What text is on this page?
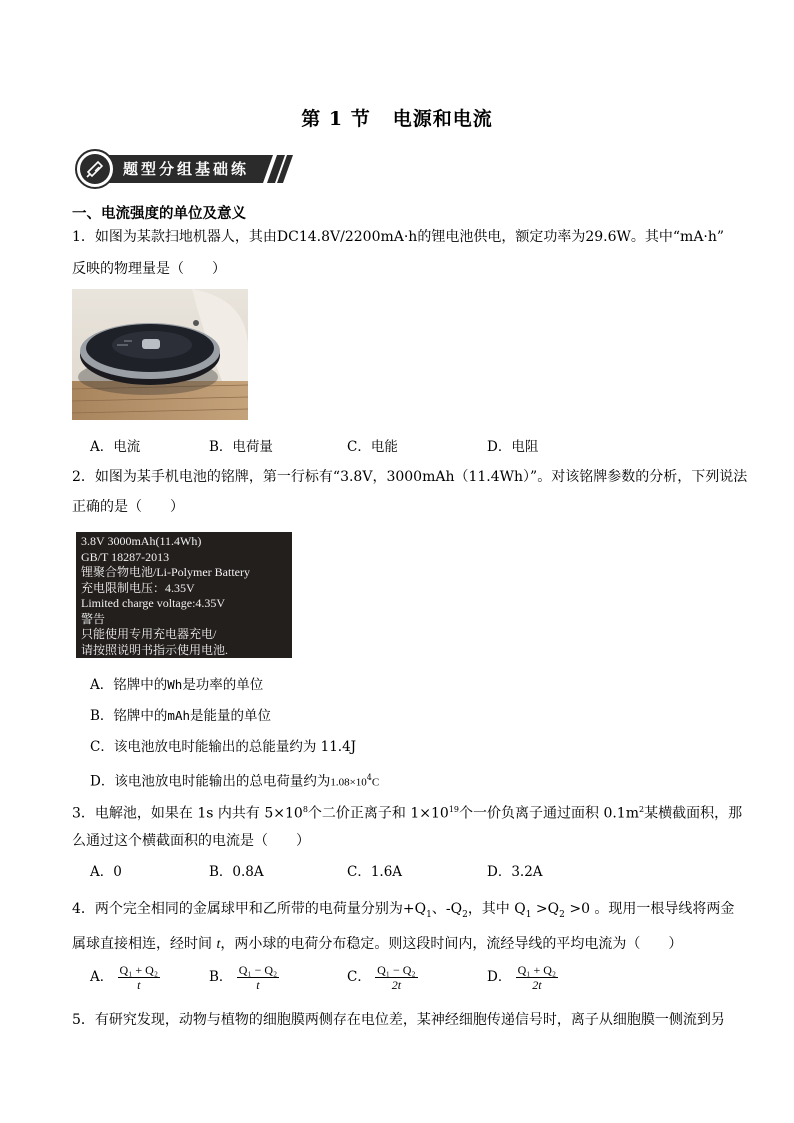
第 1 节 电源和电流
题型分组基础练
一、电流强度的单位及意义
1．如图为某款扫地机器人，其由DC14.8V/2200mA·h的锂电池供电，额定功率为29.6W。其中“mA·h”
反映的物理量是（　　）
A．电流	B．电荷量	C．电能	D．电阻
2．如图为某手机电池的铭牌，第一行标有“3.8V，3000mAh（11.4Wh）”。对该铭牌参数的分析，下列说法
正确的是（　　）
3.8V 3000mAh(11.4Wh)
GB/T 18287-2013
锂聚合物电池/Li-Polymer Battery
充电限制电压：4.35V
Limited charge voltage:4.35V
警告
只能使用专用充电器充电/
请按照说明书指示使用电池.
A．铭牌中的Wh是功率的单位
B．铭牌中的mAh是能量的单位
C．该电池放电时能输出的总能量约为 11.4J
D．该电池放电时能输出的总电荷量约为$1.08\times 10^4C$
3．电解池，如果在 1s 内共有 $5\times 10^8$个二价正离子和 $1\times 10^{19}$个一价负离子通过面积 $0.1m^2$某横截面积，那
么通过这个横截面积的电流是（　　）
A．0	B．0.8A	C．1.6A	D．3.2A
4．两个完全相同的金属球甲和乙所带的电荷量分别为$+Q_1$、$-Q_2$，其中 $Q_1 >Q_2 >0$ 。现用一根导线将两金
属球直接相连，经时间 t，两小球的电荷分布稳定。则这段时间内，流经导线的平均电流为（　　）
A． $\frac{\text{Q₁ + Q₂}}{t}$	B． $\frac{\text{Q₁ − Q₂}}{t}$	C． $\frac{\text{Q₁ − Q₂}}{2t}$	D． $\frac{\text{Q₁ + Q₂}}{2t}$
5．有研究发现，动物与植物的细胞膜两侧存在电位差，某神经细胞传递信号时，离子从细胞膜一侧流到另
